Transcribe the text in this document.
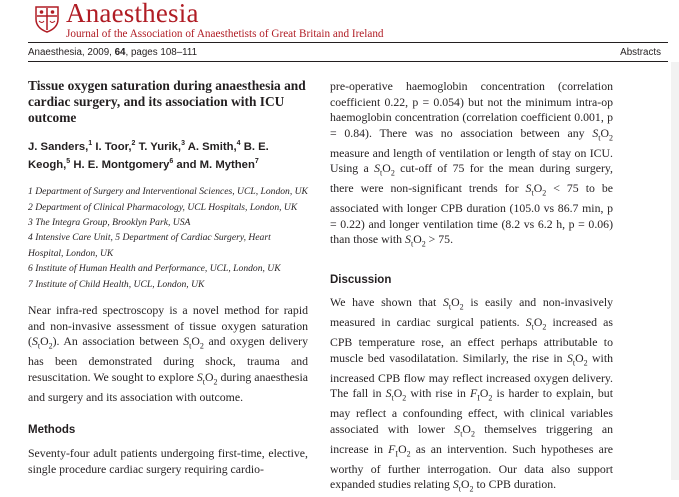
Anaesthesia
Journal of the Association of Anaesthetists of Great Britain and Ireland
Anaesthesia, 2009, 64, pages 108–111	Abstracts
Tissue oxygen saturation during anaesthesia and cardiac surgery, and its association with ICU outcome
J. Sanders,$^1$ I. Toor,$^2$ T. Yurik,$^3$ A. Smith,$^4$ B. E. Keogh,$^5$ H. E. Montgomery$^6$ and M. Mythen$^7$
1 Department of Surgery and Interventional Sciences, UCL, London, UK
2 Department of Clinical Pharmacology, UCL Hospitals, London, UK
3 The Integra Group, Brooklyn Park, USA
4 Intensive Care Unit, 5 Department of Cardiac Surgery, Heart Hospital, London, UK
6 Institute of Human Health and Performance, UCL, London, UK
7 Institute of Child Health, UCL, London, UK

Near infra-red spectroscopy is a novel method for rapid and non-invasive assessment of tissue oxygen saturation $(S_tO_2)$. An association between $S_tO_2$ and oxygen delivery has been demonstrated during shock, trauma and resuscitation. We sought to explore $S_tO_2$ during anaesthesia and surgery and its association with outcome.

Methods

Seventy-four adult patients undergoing first-time, elective, single procedure cardiac surgery requiring cardio-

pre-operative haemoglobin concentration (correlation coefficient 0.22, p = 0.054) but not the minimum intra-op haemoglobin concentration (correlation coefficient 0.001, p = 0.84). There was no association between any $S_tO_2$ measure and length of ventilation or length of stay on ICU. Using a $S_tO_2$ cut-off of 75 for the mean during surgery, there were non-significant trends for $S_tO_2 < 75$ to be associated with longer CPB duration (105.0 vs 86.7 min, p = 0.22) and longer ventilation time (8.2 vs 6.2 h, p = 0.06) than those with $S_tO_2 > 75$.

Discussion

We have shown that $S_tO_2$ is easily and non-invasively measured in cardiac surgical patients. $S_tO_2$ increased as CPB temperature rose, an effect perhaps attributable to muscle bed vasodilatation. Similarly, the rise in $S_tO_2$ with increased CPB flow may reflect increased oxygen delivery. The fall in $S_tO_2$ with rise in $F_IO_2$ is harder to explain, but may reflect a confounding effect, with clinical variables associated with lower $S_tO_2$ themselves triggering an increase in $F_IO_2$ as an intervention. Such hypotheses are worthy of further interrogation. Our data also support expanded studies relating $S_tO_2$ to CPB duration.
